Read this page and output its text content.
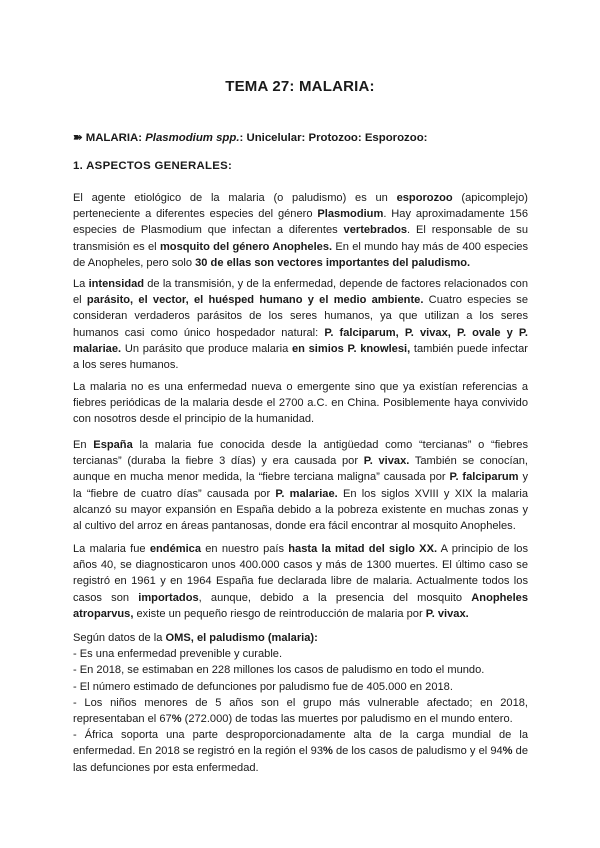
TEMA 27: MALARIA:

➽ MALARIA: Plasmodium spp.: Unicelular: Protozoo: Esporozoo:

1. ASPECTOS GENERALES:

El agente etiológico de la malaria (o paludismo) es un esporozoo (apicomplejo) perteneciente a diferentes especies del género Plasmodium. Hay aproximadamente 156 especies de Plasmodium que infectan a diferentes vertebrados. El responsable de su transmisión es el mosquito del género Anopheles. En el mundo hay más de 400 especies de Anopheles, pero solo 30 de ellas son vectores importantes del paludismo.

La intensidad de la transmisión, y de la enfermedad, depende de factores relacionados con el parásito, el vector, el huésped humano y el medio ambiente. Cuatro especies se consideran verdaderos parásitos de los seres humanos, ya que utilizan a los seres humanos casi como único hospedador natural: P. falciparum, P. vivax, P. ovale y P. malariae. Un parásito que produce malaria en simios P. knowlesi, también puede infectar a los seres humanos.

La malaria no es una enfermedad nueva o emergente sino que ya existían referencias a fiebres periódicas de la malaria desde el 2700 a.C. en China. Posiblemente haya convivido con nosotros desde el principio de la humanidad.

En España la malaria fue conocida desde la antigüedad como “tercianas” o “fiebres tercianas” (duraba la fiebre 3 días) y era causada por P. vivax. También se conocían, aunque en mucha menor medida, la “fiebre terciana maligna” causada por P. falciparum y la “fiebre de cuatro días” causada por P. malariae. En los siglos XVIII y XIX la malaria alcanzó su mayor expansión en España debido a la pobreza existente en muchas zonas y al cultivo del arroz en áreas pantanosas, donde era fácil encontrar al mosquito Anopheles.

La malaria fue endémica en nuestro país hasta la mitad del siglo XX. A principio de los años 40, se diagnosticaron unos 400.000 casos y más de 1300 muertes. El último caso se registró en 1961 y en 1964 España fue declarada libre de malaria. Actualmente todos los casos son importados, aunque, debido a la presencia del mosquito Anopheles atroparvus, existe un pequeño riesgo de reintroducción de malaria por P. vivax.

Según datos de la OMS, el paludismo (malaria):
- Es una enfermedad prevenible y curable.
- En 2018, se estimaban en 228 millones los casos de paludismo en todo el mundo.
- El número estimado de defunciones por paludismo fue de 405.000 en 2018.
- Los niños menores de 5 años son el grupo más vulnerable afectado; en 2018, representaban el 67% (272.000) de todas las muertes por paludismo en el mundo entero.
- África soporta una parte desproporcionadamente alta de la carga mundial de la enfermedad. En 2018 se registró en la región el 93% de los casos de paludismo y el 94% de las defunciones por esta enfermedad.
